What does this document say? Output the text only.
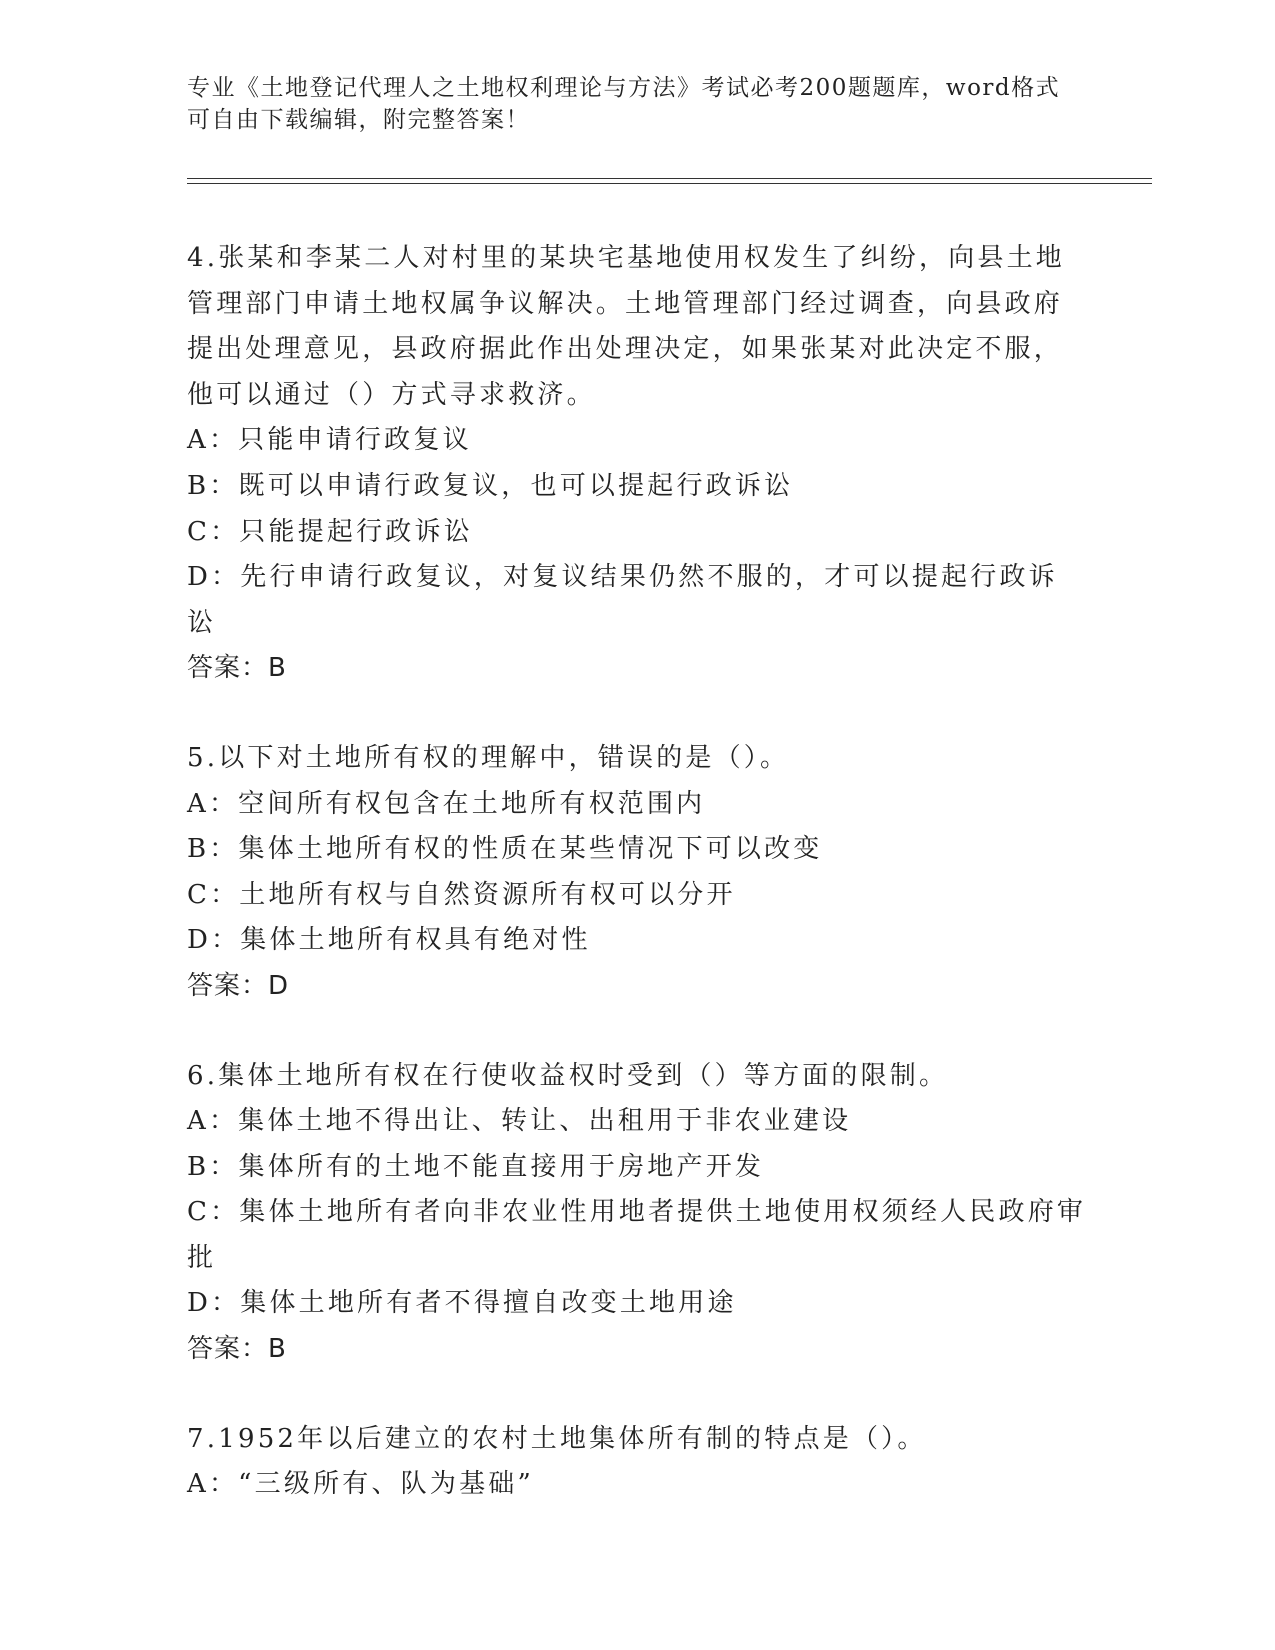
专业《土地登记代理人之土地权利理论与方法》考试必考200题题库，word格式
可自由下载编辑，附完整答案！
4.张某和李某二人对村里的某块宅基地使用权发生了纠纷，向县土地
管理部门申请土地权属争议解决。土地管理部门经过调查，向县政府
提出处理意见，县政府据此作出处理决定，如果张某对此决定不服，
他可以通过（）方式寻求救济。
A：只能申请行政复议
B：既可以申请行政复议，也可以提起行政诉讼
C：只能提起行政诉讼
D：先行申请行政复议，对复议结果仍然不服的，才可以提起行政诉讼
答案：B
5.以下对土地所有权的理解中，错误的是（）。
A：空间所有权包含在土地所有权范围内
B：集体土地所有权的性质在某些情况下可以改变
C：土地所有权与自然资源所有权可以分开
D：集体土地所有权具有绝对性
答案：D
6.集体土地所有权在行使收益权时受到（）等方面的限制。
A：集体土地不得出让、转让、出租用于非农业建设
B：集体所有的土地不能直接用于房地产开发
C：集体土地所有者向非农业性用地者提供土地使用权须经人民政府审
批
D：集体土地所有者不得擅自改变土地用途
答案：B
7.1952年以后建立的农村土地集体所有制的特点是（）。
A：“三级所有、队为基础”
